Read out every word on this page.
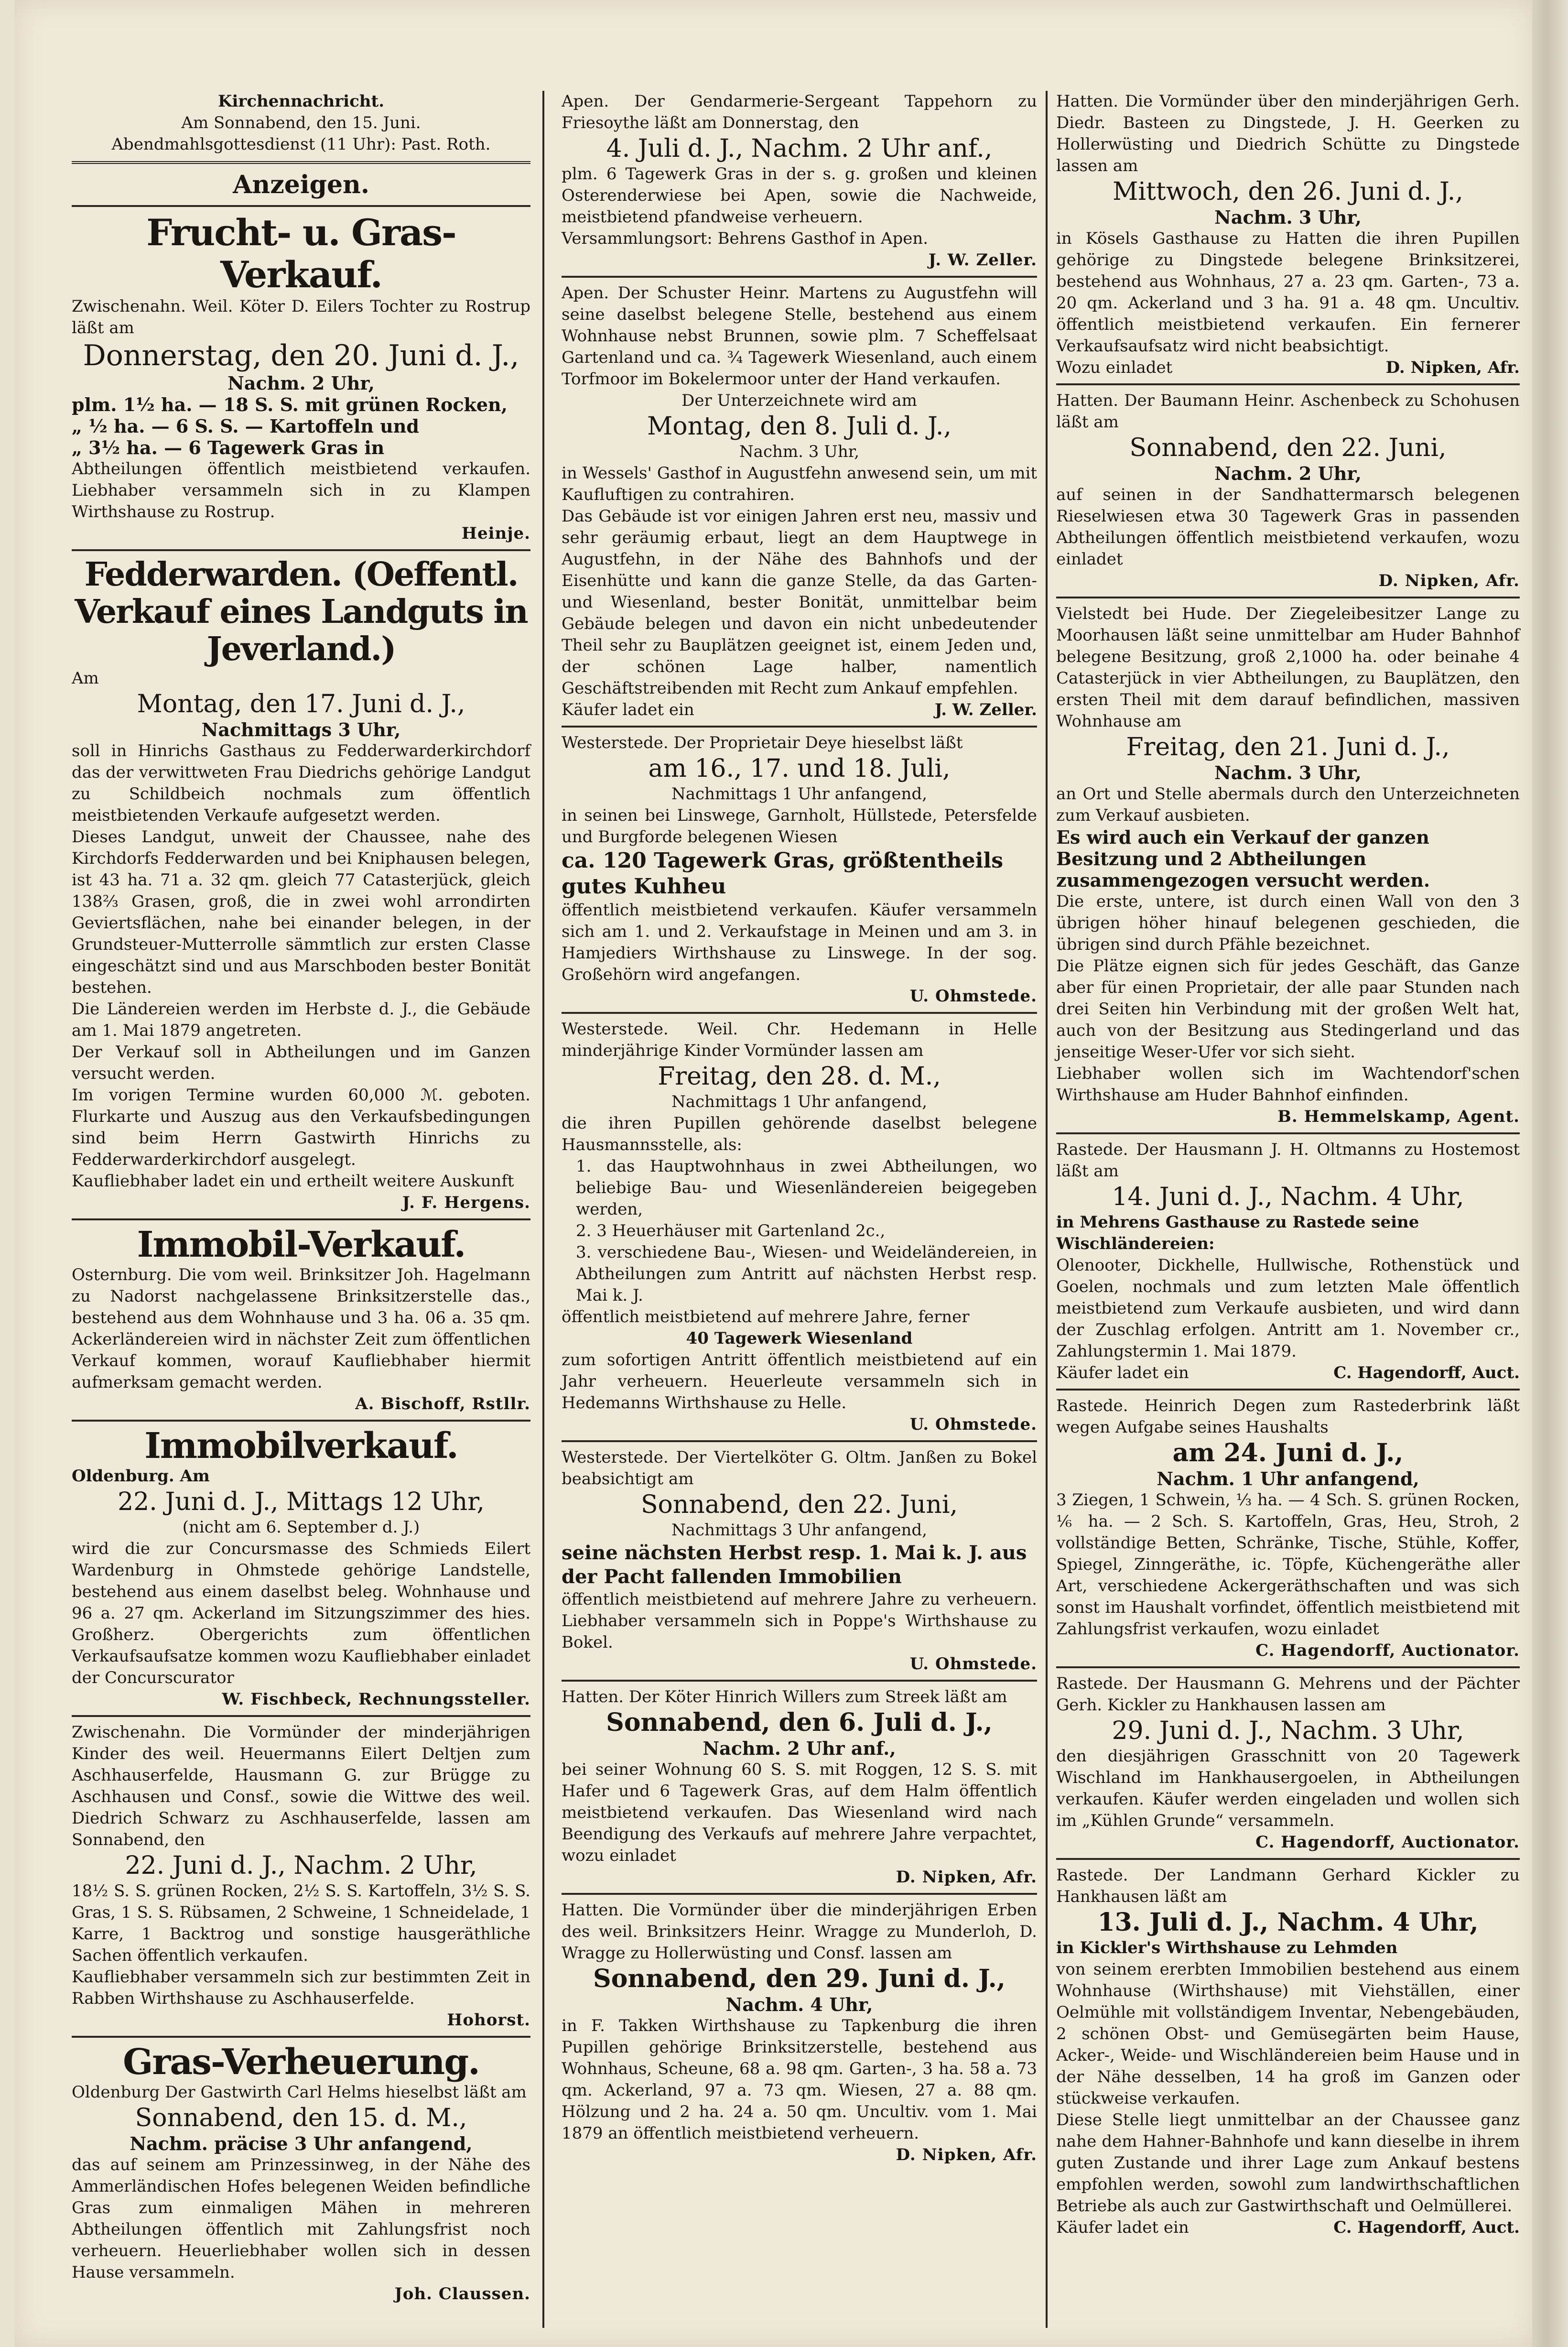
Kirchennachricht.
Am Sonnabend, den 15. Juni.
Abendmahlsgottesdienst (11 Uhr): Past. Roth.
Anzeigen.
Frucht- u. Gras-Verkauf.
Zwischenahn. Weil. Köter D. Eilers Tochter zu Rostrup läßt am
Donnerstag, den 20. Juni d. J.,
Nachm. 2 Uhr,
plm. 1½ ha. — 18 S. S. mit grünen Rocken,
„ ½ ha. — 6 S. S. — Kartoffeln und
„ 3½ ha. — 6 Tagewerk Gras in
Abtheilungen öffentlich meistbietend verkaufen. Liebhaber versammeln sich in zu Klampen Wirthshause zu Rostrup.
Heinje.
Fedderwarden. (Oeffentl. Verkauf eines Landguts in Jeverland.)
Am
Montag, den 17. Juni d. J.,
Nachmittags 3 Uhr,
soll in Hinrichs Gasthaus zu Fedderwarderkirchdorf das der verwittweten Frau Diedrichs gehörige Landgut zu Schildbeich nochmals zum öffentlich meistbietenden Verkaufe aufgesetzt werden.
Dieses Landgut, unweit der Chaussee, nahe des Kirchdorfs Fedderwarden und bei Kniphausen belegen, ist 43 ha. 71 a. 32 qm. gleich 77 Catasterjück, gleich 138⅔ Grasen, groß, die in zwei wohl arrondirten Geviertsflächen, nahe bei einander belegen, in der Grundsteuer-Mutterrolle sämmtlich zur ersten Classe eingeschätzt sind und aus Marschboden bester Bonität bestehen.
Die Ländereien werden im Herbste d. J., die Gebäude am 1. Mai 1879 angetreten.
Der Verkauf soll in Abtheilungen und im Ganzen versucht werden.
Im vorigen Termine wurden 60,000 ℳ. geboten. Flurkarte und Auszug aus den Verkaufsbedingungen sind beim Herrn Gastwirth Hinrichs zu Fedderwarderkirchdorf ausgelegt.
Kaufliebhaber ladet ein und ertheilt weitere Auskunft
J. F. Hergens.
Immobil-Verkauf.
Osternburg. Die vom weil. Brinksitzer Joh. Hagelmann zu Nadorst nachgelassene Brinksitzerstelle das., bestehend aus dem Wohnhause und 3 ha. 06 a. 35 qm. Ackerländereien wird in nächster Zeit zum öffentlichen Verkauf kommen, worauf Kaufliebhaber hiermit aufmerksam gemacht werden.
A. Bischoff, Rstllr.
Immobilverkauf.
Oldenburg. Am
22. Juni d. J., Mittags 12 Uhr,
(nicht am 6. September d. J.)
wird die zur Concursmasse des Schmieds Eilert Wardenburg in Ohmstede gehörige Landstelle, bestehend aus einem daselbst beleg. Wohnhause und 96 a. 27 qm. Ackerland im Sitzungszimmer des hies. Großherz. Obergerichts zum öffentlichen Verkaufsaufsatze kommen wozu Kaufliebhaber einladet der Concurscurator
W. Fischbeck, Rechnungssteller.
Zwischenahn. Die Vormünder der minderjährigen Kinder des weil. Heuermanns Eilert Deltjen zum Aschhauserfelde, Hausmann G. zur Brügge zu Aschhausen und Consf., sowie die Wittwe des weil. Diedrich Schwarz zu Aschhauserfelde, lassen am Sonnabend, den
22. Juni d. J., Nachm. 2 Uhr,
18½ S. S. grünen Rocken, 2½ S. S. Kartoffeln, 3½ S. S. Gras, 1 S. S. Rübsamen, 2 Schweine, 1 Schneidelade, 1 Karre, 1 Backtrog und sonstige hausgeräthliche Sachen öffentlich verkaufen.
Kaufliebhaber versammeln sich zur bestimmten Zeit in Rabben Wirthshause zu Aschhauserfelde.
Hohorst.
Gras-Verheuerung.
Oldenburg Der Gastwirth Carl Helms hieselbst läßt am
Sonnabend, den 15. d. M.,
Nachm. präcise 3 Uhr anfangend,
das auf seinem am Prinzessinweg, in der Nähe des Ammerländischen Hofes belegenen Weiden befindliche Gras zum einmaligen Mähen in mehreren Abtheilungen öffentlich mit Zahlungsfrist noch verheuern. Heuerliebhaber wollen sich in dessen Hause versammeln.
Joh. Claussen.
Apen. Der Gendarmerie-Sergeant Tappehorn zu Friesoythe läßt am Donnerstag, den
4. Juli d. J., Nachm. 2 Uhr anf.,
plm. 6 Tagewerk Gras in der s. g. großen und kleinen Osterenderwiese bei Apen, sowie die Nachweide, meistbietend pfandweise verheuern.
Versammlungsort: Behrens Gasthof in Apen.
J. W. Zeller.
Apen. Der Schuster Heinr. Martens zu Augustfehn will seine daselbst belegene Stelle, bestehend aus einem Wohnhause nebst Brunnen, sowie plm. 7 Scheffelsaat Gartenland und ca. ¾ Tagewerk Wiesenland, auch einem Torfmoor im Bokelermoor unter der Hand verkaufen.
Der Unterzeichnete wird am
Montag, den 8. Juli d. J.,
Nachm. 3 Uhr,
in Wessels' Gasthof in Augustfehn anwesend sein, um mit Kaufluftigen zu contrahiren.
Das Gebäude ist vor einigen Jahren erst neu, massiv und sehr geräumig erbaut, liegt an dem Hauptwege in Augustfehn, in der Nähe des Bahnhofs und der Eisenhütte und kann die ganze Stelle, da das Garten- und Wiesenland, bester Bonität, unmittelbar beim Gebäude belegen und davon ein nicht unbedeutender Theil sehr zu Bauplätzen geeignet ist, einem Jeden und, der schönen Lage halber, namentlich Geschäftstreibenden mit Recht zum Ankauf empfehlen.
Käufer ladet ein	J. W. Zeller.
Westerstede. Der Proprietair Deye hieselbst läßt
am 16., 17. und 18. Juli,
Nachmittags 1 Uhr anfangend,
in seinen bei Linswege, Garnholt, Hüllstede, Petersfelde und Burgforde belegenen Wiesen
ca. 120 Tagewerk Gras, größtentheils gutes Kuhheu
öffentlich meistbietend verkaufen. Käufer versammeln sich am 1. und 2. Verkaufstage in Meinen und am 3. in Hamjediers Wirthshause zu Linswege. In der sog. Großehörn wird angefangen.
U. Ohmstede.
Westerstede. Weil. Chr. Hedemann in Helle minderjährige Kinder Vormünder lassen am
Freitag, den 28. d. M.,
Nachmittags 1 Uhr anfangend,
die ihren Pupillen gehörende daselbst belegene Hausmannsstelle, als:
1. das Hauptwohnhaus in zwei Abtheilungen, wo beliebige Bau- und Wiesenländereien beigegeben werden,
2. 3 Heuerhäuser mit Gartenland 2c.,
3. verschiedene Bau-, Wiesen- und Weideländereien, in Abtheilungen zum Antritt auf nächsten Herbst resp. Mai k. J.
öffentlich meistbietend auf mehrere Jahre, ferner
40 Tagewerk Wiesenland
zum sofortigen Antritt öffentlich meistbietend auf ein Jahr verheuern. Heuerleute versammeln sich in Hedemanns Wirthshause zu Helle.
U. Ohmstede.
Westerstede. Der Viertelköter G. Oltm. Janßen zu Bokel beabsichtigt am
Sonnabend, den 22. Juni,
Nachmittags 3 Uhr anfangend,
seine nächsten Herbst resp. 1. Mai k. J. aus der Pacht fallenden Immobilien
öffentlich meistbietend auf mehrere Jahre zu verheuern. Liebhaber versammeln sich in Poppe's Wirthshause zu Bokel.
U. Ohmstede.
Hatten. Der Köter Hinrich Willers zum Streek läßt am
Sonnabend, den 6. Juli d. J.,
Nachm. 2 Uhr anf.,
bei seiner Wohnung 60 S. S. mit Roggen, 12 S. S. mit Hafer und 6 Tagewerk Gras, auf dem Halm öffentlich meistbietend verkaufen. Das Wiesenland wird nach Beendigung des Verkaufs auf mehrere Jahre verpachtet, wozu einladet
D. Nipken, Afr.
Hatten. Die Vormünder über die minderjährigen Erben des weil. Brinksitzers Heinr. Wragge zu Munderloh, D. Wragge zu Hollerwüsting und Consf. lassen am
Sonnabend, den 29. Juni d. J.,
Nachm. 4 Uhr,
in F. Takken Wirthshause zu Tapkenburg die ihren Pupillen gehörige Brinksitzerstelle, bestehend aus Wohnhaus, Scheune, 68 a. 98 qm. Garten-, 3 ha. 58 a. 73 qm. Ackerland, 97 a. 73 qm. Wiesen, 27 a. 88 qm. Hölzung und 2 ha. 24 a. 50 qm. Uncultiv. vom 1. Mai 1879 an öffentlich meistbietend verheuern.
D. Nipken, Afr.
Hatten. Die Vormünder über den minderjährigen Gerh. Diedr. Basteen zu Dingstede, J. H. Geerken zu Hollerwüsting und Diedrich Schütte zu Dingstede lassen am
Mittwoch, den 26. Juni d. J.,
Nachm. 3 Uhr,
in Kösels Gasthause zu Hatten die ihren Pupillen gehörige zu Dingstede belegene Brinksitzerei, bestehend aus Wohnhaus, 27 a. 23 qm. Garten-, 73 a. 20 qm. Ackerland und 3 ha. 91 a. 48 qm. Uncultiv. öffentlich meistbietend verkaufen. Ein fernerer Verkaufsaufsatz wird nicht beabsichtigt.
Wozu einladet	D. Nipken, Afr.
Hatten. Der Baumann Heinr. Aschenbeck zu Schohusen läßt am
Sonnabend, den 22. Juni,
Nachm. 2 Uhr,
auf seinen in der Sandhattermarsch belegenen Rieselwiesen etwa 30 Tagewerk Gras in passenden Abtheilungen öffentlich meistbietend verkaufen, wozu einladet
D. Nipken, Afr.
Vielstedt bei Hude. Der Ziegeleibesitzer Lange zu Moorhausen läßt seine unmittelbar am Huder Bahnhof belegene Besitzung, groß 2,1000 ha. oder beinahe 4 Catasterjück in vier Abtheilungen, zu Bauplätzen, den ersten Theil mit dem darauf befindlichen, massiven Wohnhause am
Freitag, den 21. Juni d. J.,
Nachm. 3 Uhr,
an Ort und Stelle abermals durch den Unterzeichneten zum Verkauf ausbieten.
Es wird auch ein Verkauf der ganzen Besitzung und 2 Abtheilungen zusammengezogen versucht werden.
Die erste, untere, ist durch einen Wall von den 3 übrigen höher hinauf belegenen geschieden, die übrigen sind durch Pfähle bezeichnet.
Die Plätze eignen sich für jedes Geschäft, das Ganze aber für einen Proprietair, der alle paar Stunden nach drei Seiten hin Verbindung mit der großen Welt hat, auch von der Besitzung aus Stedingerland und das jenseitige Weser-Ufer vor sich sieht.
Liebhaber wollen sich im Wachtendorf'schen Wirthshause am Huder Bahnhof einfinden.
B. Hemmelskamp, Agent.
Rastede. Der Hausmann J. H. Oltmanns zu Hostemost läßt am
14. Juni d. J., Nachm. 4 Uhr,
in Mehrens Gasthause zu Rastede seine Wischländereien:
Olenooter, Dickhelle, Hullwische, Rothenstück und Goelen, nochmals und zum letzten Male öffentlich meistbietend zum Verkaufe ausbieten, und wird dann der Zuschlag erfolgen. Antritt am 1. November cr., Zahlungstermin 1. Mai 1879.
Käufer ladet ein	C. Hagendorff, Auct.
Rastede. Heinrich Degen zum Rastederbrink läßt wegen Aufgabe seines Haushalts
am 24. Juni d. J.,
Nachm. 1 Uhr anfangend,
3 Ziegen, 1 Schwein, ⅓ ha. — 4 Sch. S. grünen Rocken, ⅙ ha. — 2 Sch. S. Kartoffeln, Gras, Heu, Stroh, 2 vollständige Betten, Schränke, Tische, Stühle, Koffer, Spiegel, Zinngeräthe, ic. Töpfe, Küchengeräthe aller Art, verschiedene Ackergeräthschaften und was sich sonst im Haushalt vorfindet, öffentlich meistbietend mit Zahlungsfrist verkaufen, wozu einladet
C. Hagendorff, Auctionator.
Rastede. Der Hausmann G. Mehrens und der Pächter Gerh. Kickler zu Hankhausen lassen am
29. Juni d. J., Nachm. 3 Uhr,
den diesjährigen Grasschnitt von 20 Tagewerk Wischland im Hankhausergoelen, in Abtheilungen verkaufen. Käufer werden eingeladen und wollen sich im „Kühlen Grunde“ versammeln.
C. Hagendorff, Auctionator.
Rastede. Der Landmann Gerhard Kickler zu Hankhausen läßt am
13. Juli d. J., Nachm. 4 Uhr,
in Kickler's Wirthshause zu Lehmden
von seinem ererbten Immobilien bestehend aus einem Wohnhause (Wirthshause) mit Viehställen, einer Oelmühle mit vollständigem Inventar, Nebengebäuden, 2 schönen Obst- und Gemüsegärten beim Hause, Acker-, Weide- und Wischländereien beim Hause und in der Nähe desselben, 14 ha groß im Ganzen oder stückweise verkaufen.
Diese Stelle liegt unmittelbar an der Chaussee ganz nahe dem Hahner-Bahnhofe und kann dieselbe in ihrem guten Zustande und ihrer Lage zum Ankauf bestens empfohlen werden, sowohl zum landwirthschaftlichen Betriebe als auch zur Gastwirthschaft und Oelmüllerei.
Käufer ladet ein	C. Hagendorff, Auct.
